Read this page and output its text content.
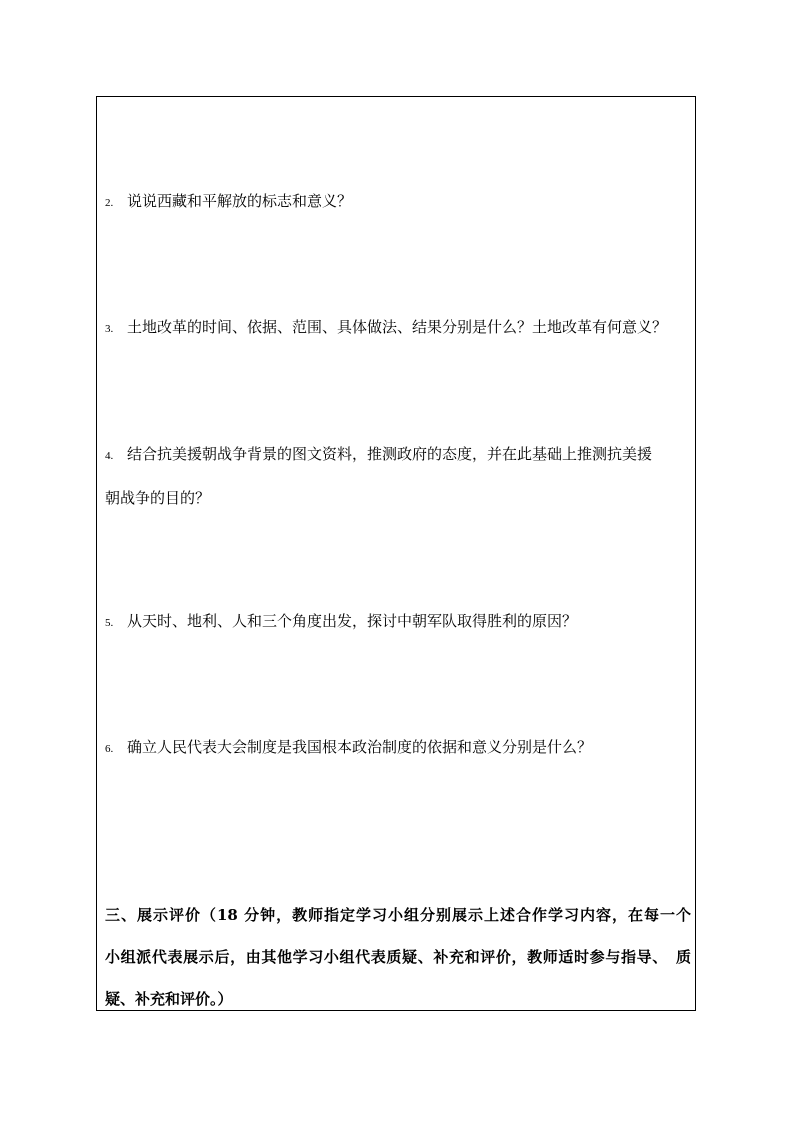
2. 说说西藏和平解放的标志和意义？
3. 土地改革的时间、依据、范围、具体做法、结果分别是什么？土地改革有何意义？
4. 结合抗美援朝战争背景的图文资料，推测政府的态度，并在此基础上推测抗美援
朝战争的目的？
5. 从天时、地利、人和三个角度出发，探讨中朝军队取得胜利的原因？
6. 确立人民代表大会制度是我国根本政治制度的依据和意义分别是什么？
三、展示评价（18 分钟，教师指定学习小组分别展示上述合作学习内容，在每一个
小组派代表展示后，由其他学习小组代表质疑、补充和评价，教师适时参与指导、　质
疑、补充和评价。）
